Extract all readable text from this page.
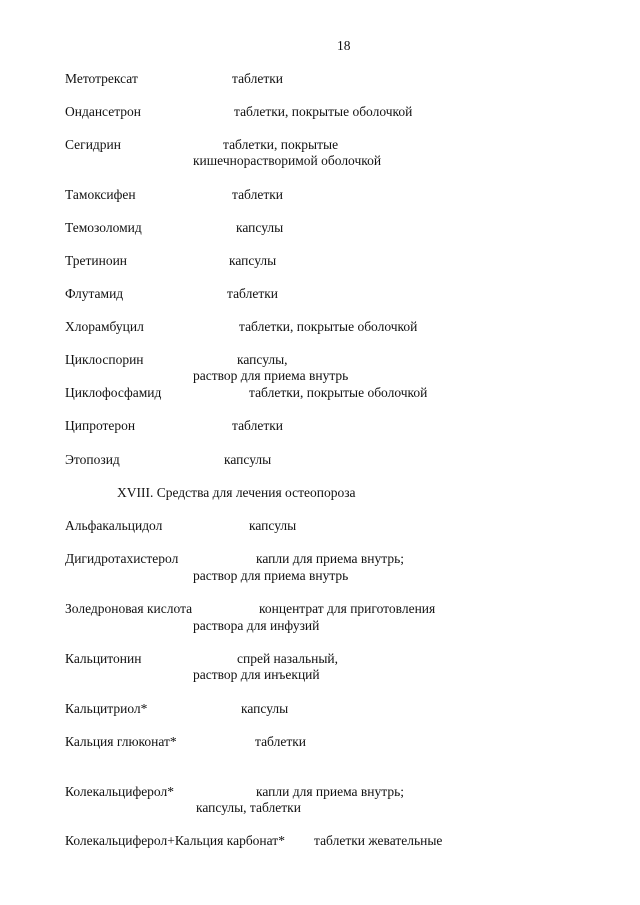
18
Метотрексат	таблетки
Ондансетрон	таблетки, покрытые оболочкой
Сегидрин	таблетки, покрытые
кишечнорастворимой оболочкой
Тамоксифен	таблетки
Темозоломид	капсулы
Третиноин	капсулы
Флутамид	таблетки
Хлорамбуцил	таблетки, покрытые оболочкой
Циклоспорин	капсулы,
раствор для приема внутрь
Циклофосфамид	таблетки, покрытые оболочкой
Ципротерон	таблетки
Этопозид	капсулы
XVIII. Средства для лечения остеопороза
Альфакальцидол	капсулы
Дигидротахистерол	капли для приема внутрь;
раствор для приема внутрь
Золедроновая кислота	концентрат для приготовления
раствора для инфузий
Кальцитонин	спрей назальный,
раствор для инъекций
Кальцитриол*	капсулы
Кальция глюконат*	таблетки
Колекальциферол*	капли для приема внутрь;
капсулы, таблетки
Колекальциферол+Кальция карбонат* таблетки жевательные
